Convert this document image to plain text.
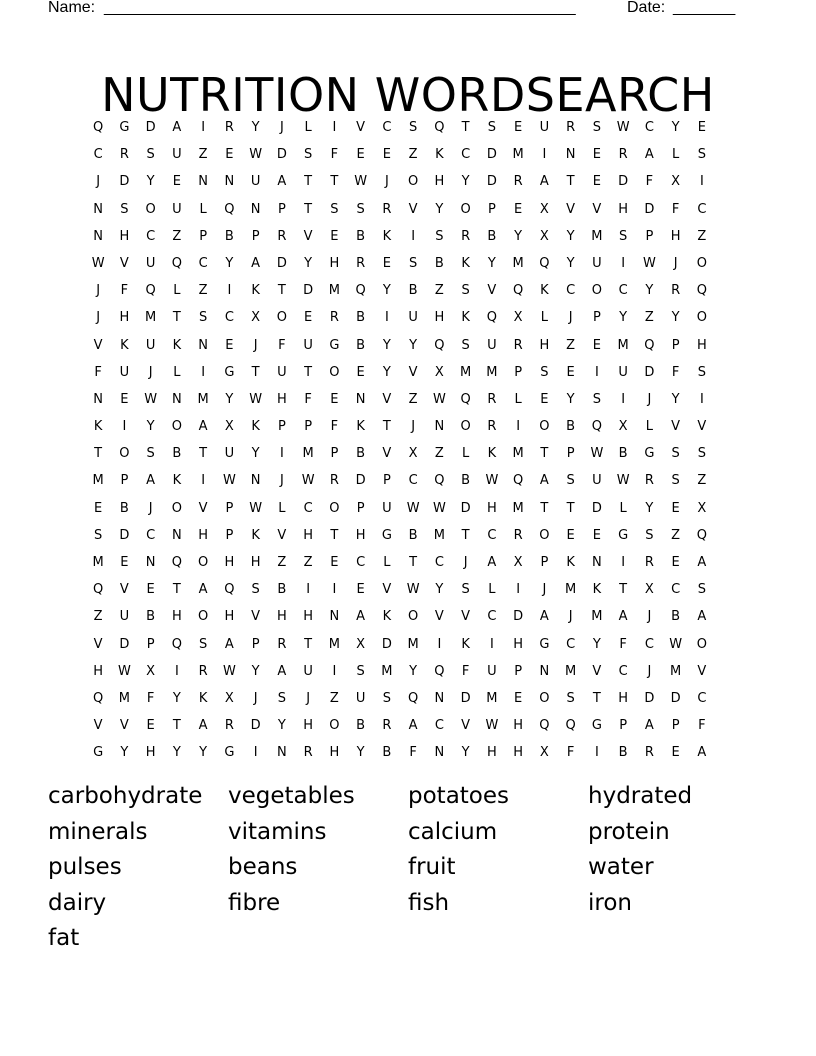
Name: _____________________________________________________	Date: _______
NUTRITION WORDSEARCH
Q	G	D	A	I	R	Y	J	L	I	V	C	S	Q	T	S	E	U	R	S	W	C	Y	E
C	R	S	U	Z	E	W	D	S	F	E	E	Z	K	C	D	M	I	N	E	R	A	L	S
J	D	Y	E	N	N	U	A	T	T	W	J	O	H	Y	D	R	A	T	E	D	F	X	I
N	S	O	U	L	Q	N	P	T	S	S	R	V	Y	O	P	E	X	V	V	H	D	F	C
N	H	C	Z	P	B	P	R	V	E	B	K	I	S	R	B	Y	X	Y	M	S	P	H	Z
W	V	U	Q	C	Y	A	D	Y	H	R	E	S	B	K	Y	M	Q	Y	U	I	W	J	O
J	F	Q	L	Z	I	K	T	D	M	Q	Y	B	Z	S	V	Q	K	C	O	C	Y	R	Q
J	H	M	T	S	C	X	O	E	R	B	I	U	H	K	Q	X	L	J	P	Y	Z	Y	O
V	K	U	K	N	E	J	F	U	G	B	Y	Y	Q	S	U	R	H	Z	E	M	Q	P	H
F	U	J	L	I	G	T	U	T	O	E	Y	V	X	M	M	P	S	E	I	U	D	F	S
N	E	W	N	M	Y	W	H	F	E	N	V	Z	W	Q	R	L	E	Y	S	I	J	Y	I
K	I	Y	O	A	X	K	P	P	F	K	T	J	N	O	R	I	O	B	Q	X	L	V	V
T	O	S	B	T	U	Y	I	M	P	B	V	X	Z	L	K	M	T	P	W	B	G	S	S
M	P	A	K	I	W	N	J	W	R	D	P	C	Q	B	W	Q	A	S	U	W	R	S	Z
E	B	J	O	V	P	W	L	C	O	P	U	W	W	D	H	M	T	T	D	L	Y	E	X
S	D	C	N	H	P	K	V	H	T	H	G	B	M	T	C	R	O	E	E	G	S	Z	Q
M	E	N	Q	O	H	H	Z	Z	E	C	L	T	C	J	A	X	P	K	N	I	R	E	A
Q	V	E	T	A	Q	S	B	I	I	E	V	W	Y	S	L	I	J	M	K	T	X	C	S
Z	U	B	H	O	H	V	H	H	N	A	K	O	V	V	C	D	A	J	M	A	J	B	A
V	D	P	Q	S	A	P	R	T	M	X	D	M	I	K	I	H	G	C	Y	F	C	W	O
H	W	X	I	R	W	Y	A	U	I	S	M	Y	Q	F	U	P	N	M	V	C	J	M	V
Q	M	F	Y	K	X	J	S	J	Z	U	S	Q	N	D	M	E	O	S	T	H	D	D	C
V	V	E	T	A	R	D	Y	H	O	B	R	A	C	V	W	H	Q	Q	G	P	A	P	F
G	Y	H	Y	Y	G	I	N	R	H	Y	B	F	N	Y	H	H	X	F	I	B	R	E	A
carbohydrate	vegetables	potatoes	hydrated
minerals	vitamins	calcium	protein
pulses	beans	fruit	water
dairy	fibre	fish	iron
fat
